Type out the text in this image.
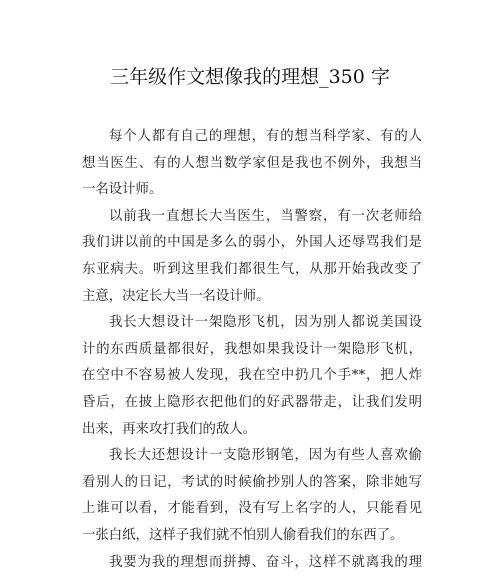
三年级作文想像我的理想_350 字
每个人都有自己的理想，有的想当科学家、有的人
想当医生、有的人想当数学家但是我也不例外，我想当
一名设计师。
以前我一直想长大当医生，当警察，有一次老师给
我们讲以前的中国是多么的弱小，外国人还辱骂我们是
东亚病夫。听到这里我们都很生气，从那开始我改变了
主意，决定长大当一名设计师。
我长大想设计一架隐形飞机，因为别人都说美国设
计的东西质量都很好，我想如果我设计一架隐形飞机，
在空中不容易被人发现，我在空中扔几个手**，把人炸
昏后，在披上隐形衣把他们的好武器带走，让我们发明
出来，再来攻打我们的敌人。
我长大还想设计一支隐形钢笔，因为有些人喜欢偷
看别人的日记，考试的时候偷抄别人的答案，除非她写
上谁可以看，才能看到，没有写上名字的人，只能看见
一张白纸，这样子我们就不怕别人偷看我们的东西了。
我要为我的理想而拼搏、奋斗，这样不就离我的理
